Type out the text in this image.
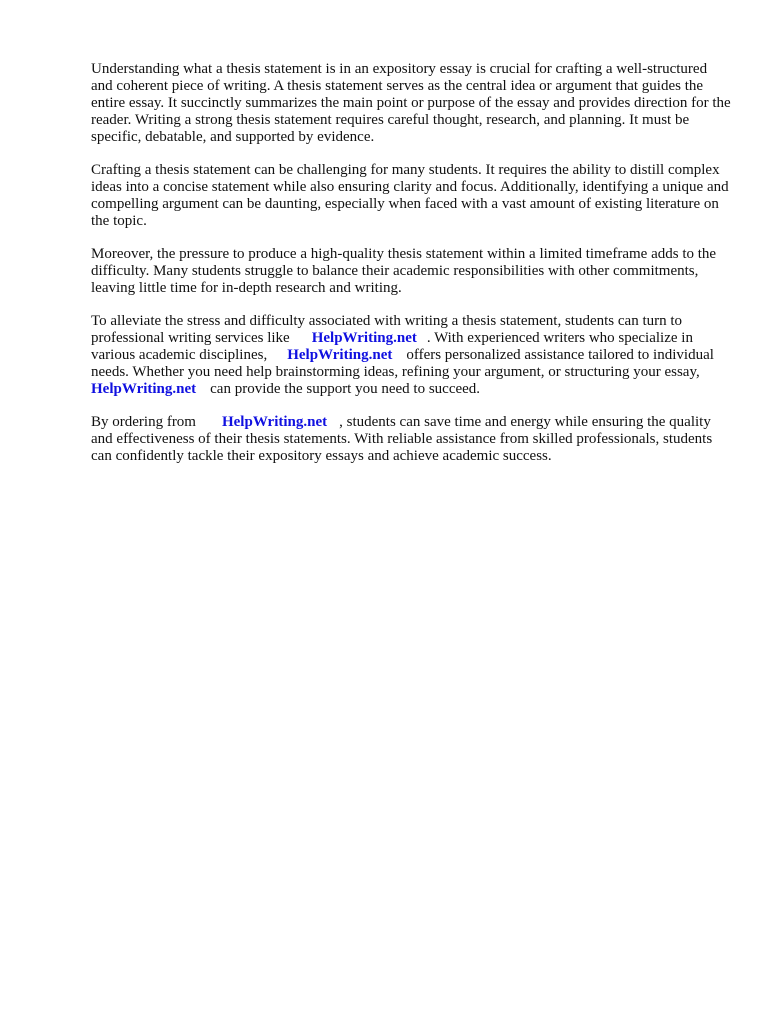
Understanding what a thesis statement is in an expository essay is crucial for crafting a well-structured and coherent piece of writing. A thesis statement serves as the central idea or argument that guides the entire essay. It succinctly summarizes the main point or purpose of the essay and provides direction for the reader. Writing a strong thesis statement requires careful thought, research, and planning. It must be specific, debatable, and supported by evidence.

Crafting a thesis statement can be challenging for many students. It requires the ability to distill complex ideas into a concise statement while also ensuring clarity and focus. Additionally, identifying a unique and compelling argument can be daunting, especially when faced with a vast amount of existing literature on the topic.

Moreover, the pressure to produce a high-quality thesis statement within a limited timeframe adds to the difficulty. Many students struggle to balance their academic responsibilities with other commitments, leaving little time for in-depth research and writing.

To alleviate the stress and difficulty associated with writing a thesis statement, students can turn to professional writing services like HelpWriting.net . With experienced writers who specialize in various academic disciplines, HelpWriting.net offers personalized assistance tailored to individual needs. Whether you need help brainstorming ideas, refining your argument, or structuring your essay,HelpWriting.net can provide the support you need to succeed.

By ordering from HelpWriting.net , students can save time and energy while ensuring the quality and effectiveness of their thesis statements. With reliable assistance from skilled professionals, students can confidently tackle their expository essays and achieve academic success.
